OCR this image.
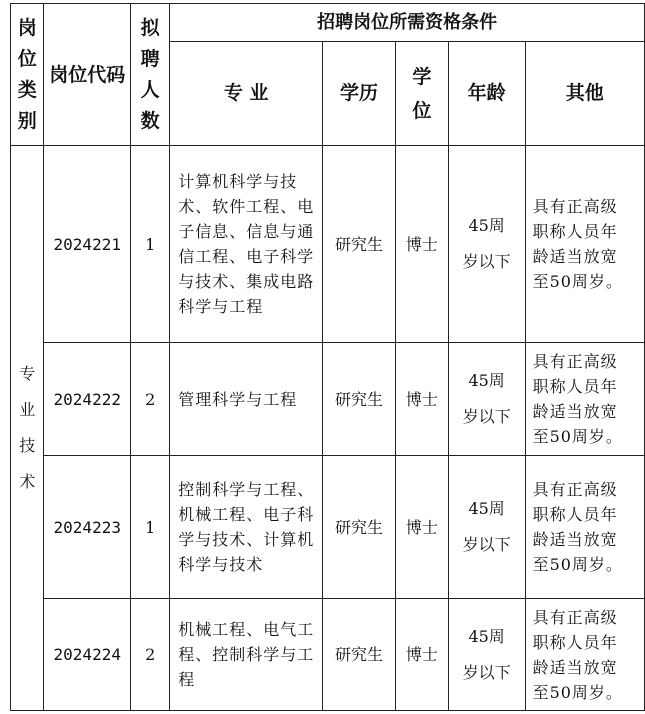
岗位类别	岗位代码	拟聘人数	招聘岗位所需资格条件				
			专 业	学历	学位	年龄	其他

专业技术	2024221	1	计算机科学与技术、软件工程、电子信息、信息与通信工程、电子科学与技术、集成电路科学与工程	研究生	博士	45周岁以下	具有正高级职称人员年龄适当放宽至50周岁。

	2024222	2	管理科学与工程	研究生	博士	45周岁以下	具有正高级职称人员年龄适当放宽至50周岁。

	2024223	1	控制科学与工程、机械工程、电子科学与技术、计算机科学与技术	研究生	博士	45周岁以下	具有正高级职称人员年龄适当放宽至50周岁。

	2024224	2	机械工程、电气工程、控制科学与工程	研究生	博士	45周岁以下	具有正高级职称人员年龄适当放宽至50周岁。
